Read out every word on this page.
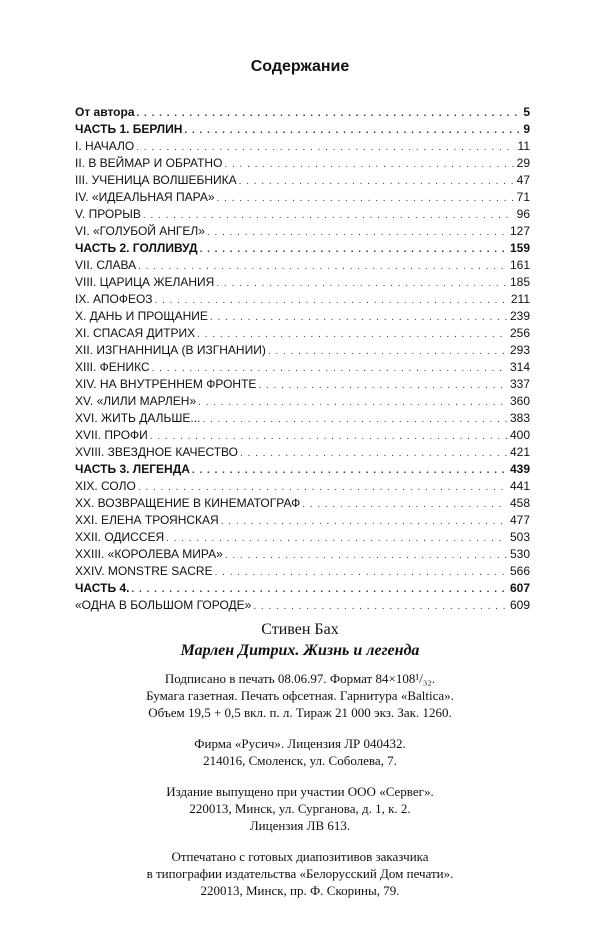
Содержание
От автора . . .	5
ЧАСТЬ 1. БЕРЛИН . . .	9
I. НАЧАЛО . . .	11
II. В ВЕЙМАР И ОБРАТНО . . .	29
III. УЧЕНИЦА ВОЛШЕБНИКА . . .	47
IV. «ИДЕАЛЬНАЯ ПАРА» . . .	71
V. ПРОРЫВ . . .	96
VI. «ГОЛУБОЙ АНГЕЛ» . . .	127
ЧАСТЬ 2. ГОЛЛИВУД . . .	159
VII. СЛАВА . . .	161
VIII. ЦАРИЦА ЖЕЛАНИЯ . . .	185
IX. АПОФЕОЗ . . .	211
X. ДАНЬ И ПРОЩАНИЕ . . .	239
XI. СПАСАЯ ДИТРИХ . . .	256
XII. ИЗГНАННИЦА (В ИЗГНАНИИ) . . .	293
XIII. ФЕНИКС . . .	314
XIV. НА ВНУТРЕННЕМ ФРОНТЕ . . .	337
XV. «ЛИЛИ МАРЛЕН» . . .	360
XVI. ЖИТЬ ДАЛЬШЕ... . . .	383
XVII. ПРОФИ . . .	400
XVIII. ЗВЕЗДНОЕ КАЧЕСТВО . . .	421
ЧАСТЬ 3. ЛЕГЕНДА . . .	439
XIX. СОЛО . . .	441
XX. ВОЗВРАЩЕНИЕ В КИНЕМАТОГРАФ . . .	458
XXI. ЕЛЕНА ТРОЯНСКАЯ . . .	477
XXII. ОДИССЕЯ . . .	503
XXIII. «КОРОЛЕВА МИРА» . . .	530
XXIV. MONSTRE SACRE . . .	566
ЧАСТЬ 4. . . .	607
«ОДНА В БОЛЬШОМ ГОРОДЕ» . . .	609
Стивен Бах
Марлен Дитрих. Жизнь и легенда
Подписано в печать 08.06.97. Формат 84×108¹/₃₂.
Бумага газетная. Печать офсетная. Гарнитура «Baltica».
Объем 19,5 + 0,5 вкл. п. л. Тираж 21 000 экз. Зак. 1260.
Фирма «Русич». Лицензия ЛР 040432.
214016, Смоленск, ул. Соболева, 7.
Издание выпущено при участии ООО «Сервег».
220013, Минск, ул. Сурганова, д. 1, к. 2.
Лицензия ЛВ 613.
Отпечатано с готовых диапозитивов заказчика
в типографии издательства «Белорусский Дом печати».
220013, Минск, пр. Ф. Скорины, 79.
